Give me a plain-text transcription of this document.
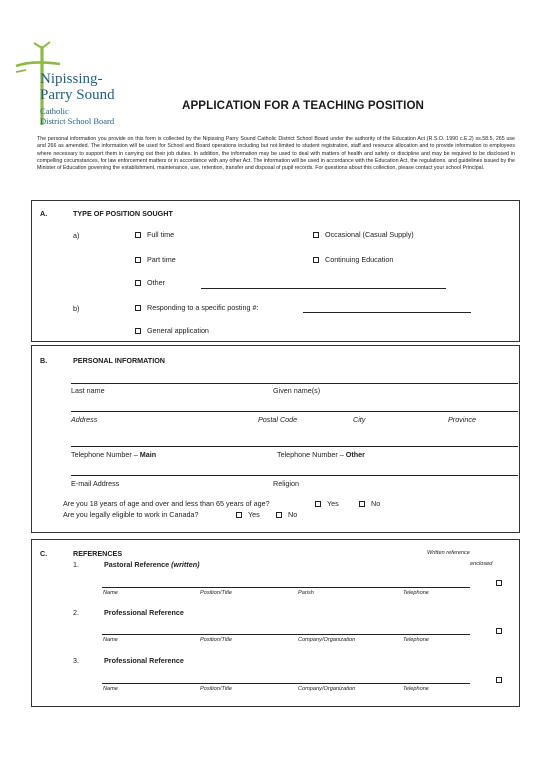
Nipissing-
Parry Sound
Catholic
District School Board
APPLICATION FOR A TEACHING POSITION
The personal information you provide on this form is collected by the Nipissing Parry Sound Catholic District School Board under the authority of the Education Act (R.S.O. 1990 c.E.2) ss.58.5, 265 use and 266 as amended. The information will be used for School and Board operations including but not limited to student registration, staff and resource allocation and to provide information to employees where necessary to support them in carrying out their job duties. In addition, the information may be used to deal with matters of health and safety or discipline and may be required to be disclosed in compelling circumstances, for law enforcement matters or in accordance with any other Act. The information will be used in accordance with the Education Act, the regulations, and guidelines issued by the Minister of Education governing the establishment, maintenance, use, retention, transfer and disposal of pupil records. For questions about this collection, please contact your school Principal.
A.	TYPE OF POSITION SOUGHT
a)	Full time	Occasional (Casual Supply)
Part time	Continuing Education
Other
b)	Responding to a specific posting #:
General application
B.	PERSONAL INFORMATION
Last name	Given name(s)
Address	Postal Code	City	Province
Telephone Number – Main	Telephone Number – Other
E-mail Address	Religion
Are you 18 years of age and over and less than 65 years of age?	Yes	No
Are you legally eligible to work in Canada?	Yes	No
C.	REFERENCES	Written reference
enclosed
1.	Pastoral Reference (written)
Name	Position/Title	Parish	Telephone
2.	Professional Reference
Name	Position/Title	Company/Organization	Telephone
3.	Professional Reference
Name	Position/Title	Company/Organization	Telephone
